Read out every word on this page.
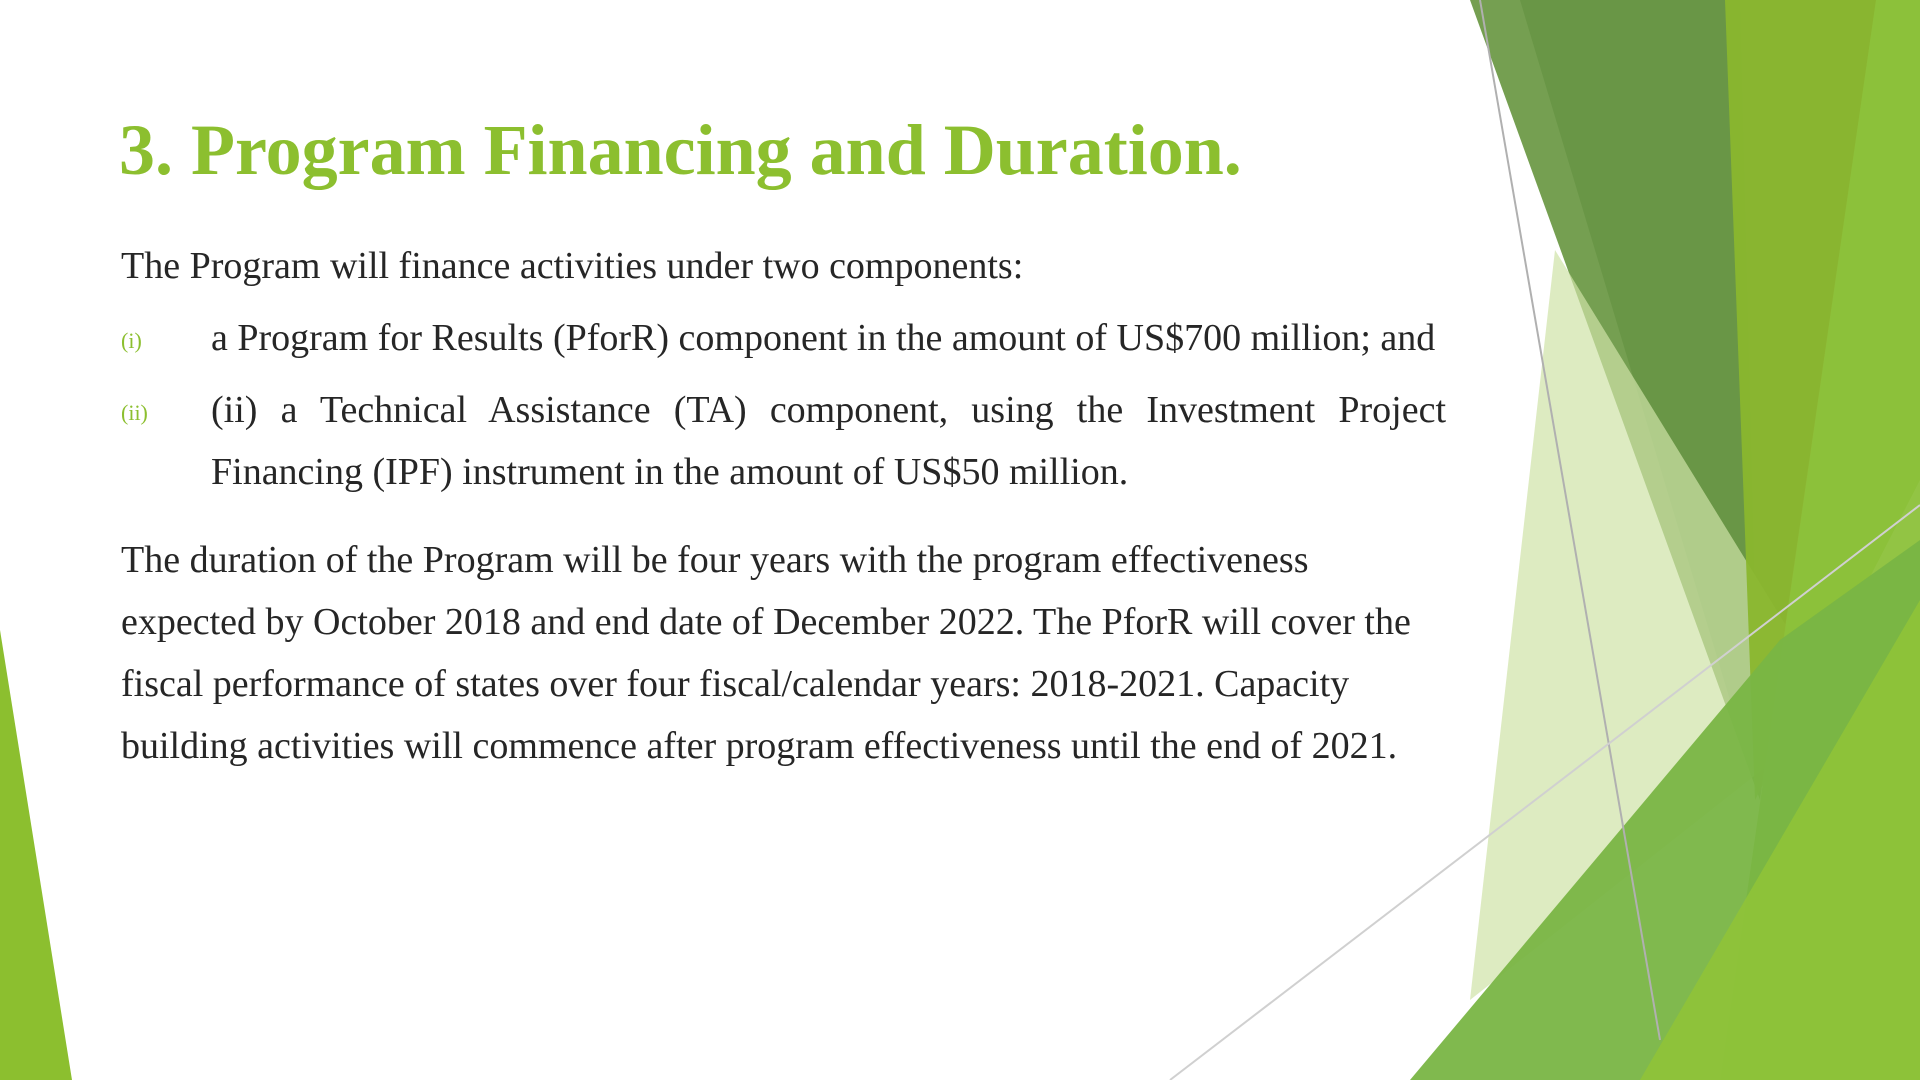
3. Program Financing and Duration.

The Program will finance activities under two components:

(i) a Program for Results (PforR) component in the amount of US$700 million; and
(ii) (ii) a Technical Assistance (TA) component, using the Investment Project Financing (IPF) instrument in the amount of US$50 million.

The duration of the Program will be four years with the program effectiveness expected by October 2018 and end date of December 2022. The PforR will cover the fiscal performance of states over four fiscal/calendar years: 2018-2021. Capacity building activities will commence after program effectiveness until the end of 2021.
